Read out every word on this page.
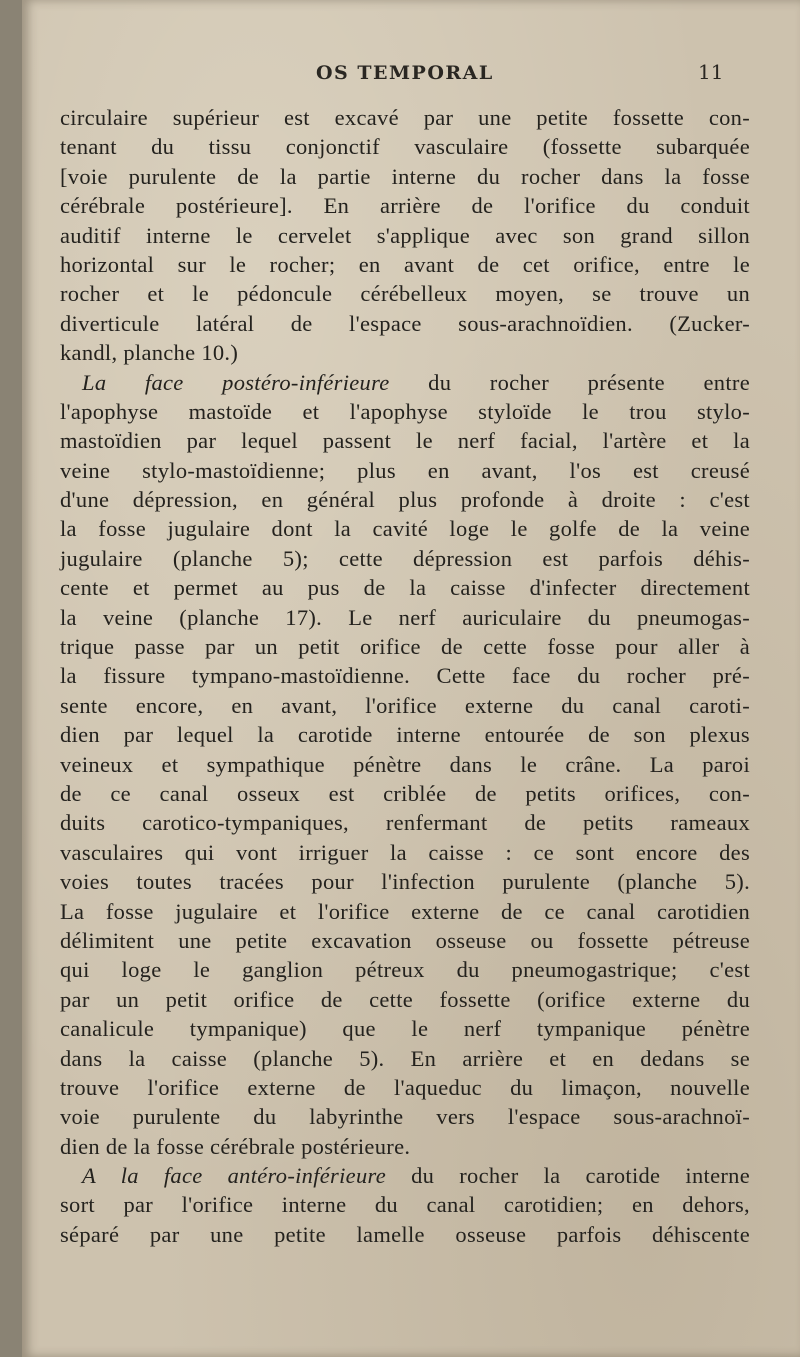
OS TEMPORAL	11
circulaire supérieur est excavé par une petite fossette con-
tenant du tissu conjonctif vasculaire (fossette subarquée
[voie purulente de la partie interne du rocher dans la fosse
cérébrale postérieure]. En arrière de l'orifice du conduit
auditif interne le cervelet s'applique avec son grand sillon
horizontal sur le rocher; en avant de cet orifice, entre le
rocher et le pédoncule cérébelleux moyen, se trouve un
diverticule latéral de l'espace sous-arachnoïdien. (Zucker-
kandl, planche 10.)
La face postéro-inférieure du rocher présente entre
l'apophyse mastoïde et l'apophyse styloïde le trou stylo-
mastoïdien par lequel passent le nerf facial, l'artère et la
veine stylo-mastoïdienne; plus en avant, l'os est creusé
d'une dépression, en général plus profonde à droite : c'est
la fosse jugulaire dont la cavité loge le golfe de la veine
jugulaire (planche 5); cette dépression est parfois déhis-
cente et permet au pus de la caisse d'infecter directement
la veine (planche 17). Le nerf auriculaire du pneumogas-
trique passe par un petit orifice de cette fosse pour aller à
la fissure tympano-mastoïdienne. Cette face du rocher pré-
sente encore, en avant, l'orifice externe du canal caroti-
dien par lequel la carotide interne entourée de son plexus
veineux et sympathique pénètre dans le crâne. La paroi
de ce canal osseux est criblée de petits orifices, con-
duits carotico-tympaniques, renfermant de petits rameaux
vasculaires qui vont irriguer la caisse : ce sont encore des
voies toutes tracées pour l'infection purulente (planche 5).
La fosse jugulaire et l'orifice externe de ce canal carotidien
délimitent une petite excavation osseuse ou fossette pétreuse
qui loge le ganglion pétreux du pneumogastrique; c'est
par un petit orifice de cette fossette (orifice externe du
canalicule tympanique) que le nerf tympanique pénètre
dans la caisse (planche 5). En arrière et en dedans se
trouve l'orifice externe de l'aqueduc du limaçon, nouvelle
voie purulente du labyrinthe vers l'espace sous-arachnoï-
dien de la fosse cérébrale postérieure.
A la face antéro-inférieure du rocher la carotide interne
sort par l'orifice interne du canal carotidien; en dehors,
séparé par une petite lamelle osseuse parfois déhiscente
